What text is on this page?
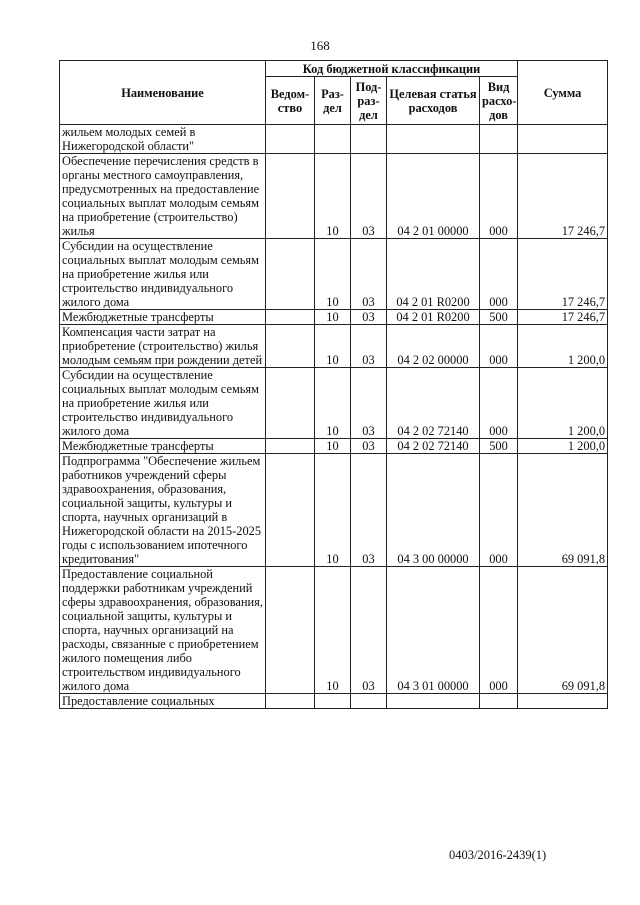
168
Наименование	Код бюджетной классификации					Сумма
	Ведом-ство	Раз-дел	Под-раз-дел	Целевая статья расходов	Вид расхо-дов	
жильем молодых семей в Нижегородской области"						
Обеспечение перечисления средств в органы местного самоуправления, предусмотренных на предоставление социальных выплат молодым семьям на приобретение (строительство) жилья		10	03	04 2 01 00000	000	17 246,7
Субсидии на осуществление социальных выплат молодым семьям на приобретение жилья или строительство индивидуального жилого дома		10	03	04 2 01 R0200	000	17 246,7
Межбюджетные трансферты		10	03	04 2 01 R0200	500	17 246,7
Компенсация части затрат на приобретение (строительство) жилья молодым семьям при рождении детей		10	03	04 2 02 00000	000	1 200,0
Субсидии на осуществление социальных выплат молодым семьям на приобретение жилья или строительство индивидуального жилого дома		10	03	04 2 02 72140	000	1 200,0
Межбюджетные трансферты		10	03	04 2 02 72140	500	1 200,0
Подпрограмма "Обеспечение жильем работников учреждений сферы здравоохранения, образования, социальной защиты, культуры и спорта, научных организаций в Нижегородской области на 2015-2025 годы с использованием ипотечного кредитования"		10	03	04 3 00 00000	000	69 091,8
Предоставление социальной поддержки работникам учреждений сферы здравоохранения, образования, социальной защиты, культуры и спорта, научных организаций на расходы, связанные с приобретением жилого помещения либо строительством индивидуального жилого дома		10	03	04 3 01 00000	000	69 091,8
Предоставление социальных						
0403/2016-2439(1)
